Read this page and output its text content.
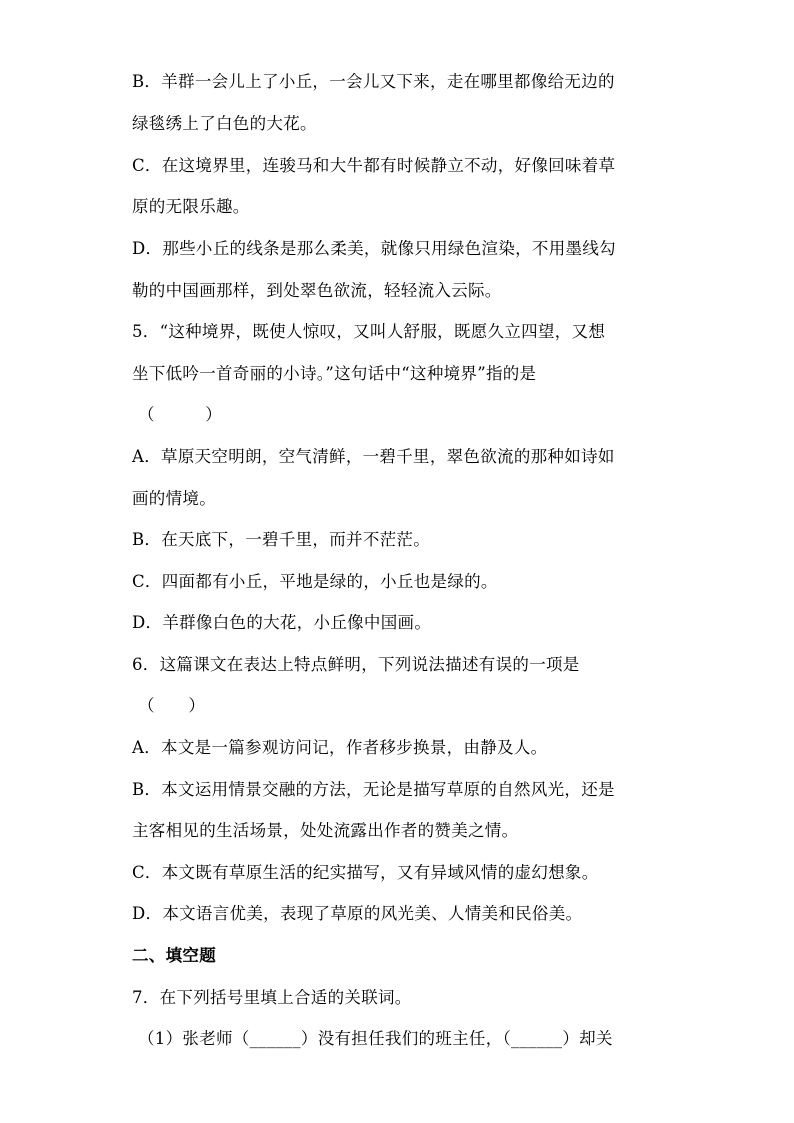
B．羊群一会儿上了小丘，一会儿又下来，走在哪里都像给无边的
绿毯绣上了白色的大花。
C．在这境界里，连骏马和大牛都有时候静立不动，好像回味着草
原的无限乐趣。
D．那些小丘的线条是那么柔美，就像只用绿色渲染，不用墨线勾
勒的中国画那样，到处翠色欲流，轻轻流入云际。
5．“这种境界，既使人惊叹，又叫人舒服，既愿久立四望，又想
坐下低吟一首奇丽的小诗。”这句话中“这种境界”指的是
（　　　）
A．草原天空明朗，空气清鲜，一碧千里，翠色欲流的那种如诗如
画的情境。
B．在天底下，一碧千里，而并不茫茫。
C．四面都有小丘，平地是绿的，小丘也是绿的。
D．羊群像白色的大花，小丘像中国画。
6．这篇课文在表达上特点鲜明，下列说法描述有误的一项是
（　　）
A．本文是一篇参观访问记，作者移步换景，由静及人。
B．本文运用情景交融的方法，无论是描写草原的自然风光，还是
主客相见的生活场景，处处流露出作者的赞美之情。
C．本文既有草原生活的纪实描写，又有异域风情的虚幻想象。
D．本文语言优美，表现了草原的风光美、人情美和民俗美。
二、填空题
7．在下列括号里填上合适的关联词。
（1）张老师（______）没有担任我们的班主任，（______）却关
